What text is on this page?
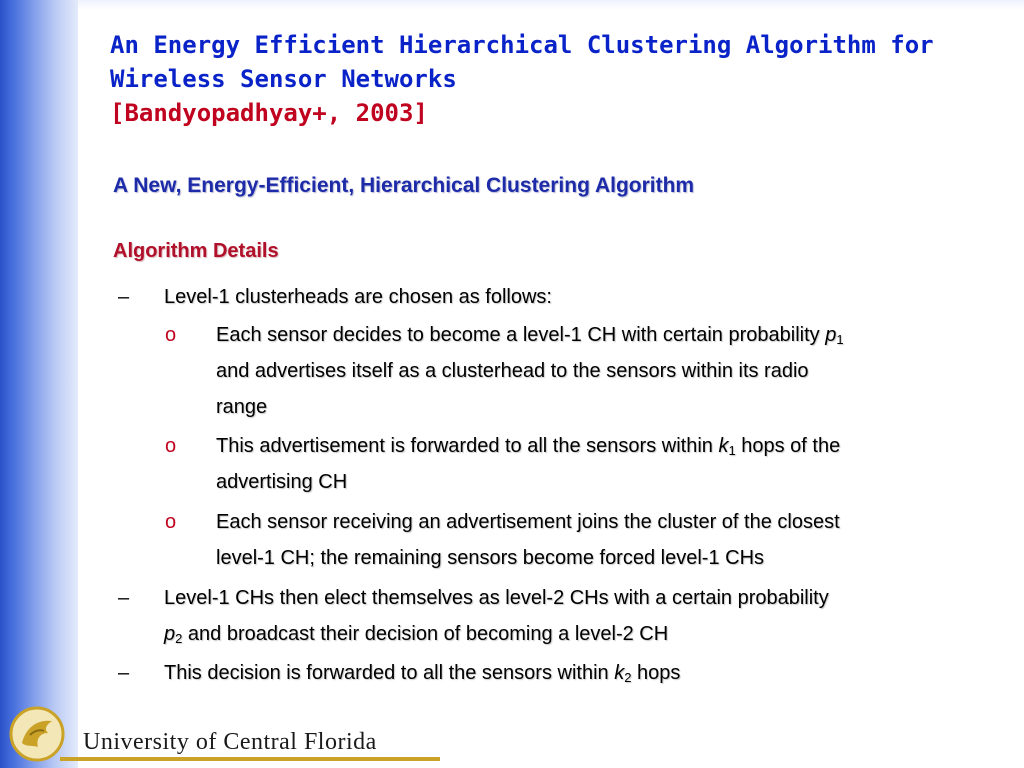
An Energy Efficient Hierarchical Clustering Algorithm for
Wireless Sensor Networks
[Bandyopadhyay+, 2003]
A New, Energy-Efficient, Hierarchical Clustering Algorithm
Algorithm Details
– Level-1 clusterheads are chosen as follows:
o Each sensor decides to become a level-1 CH with certain probability $p_1$
and advertises itself as a clusterhead to the sensors within its radio
range
o This advertisement is forwarded to all the sensors within $k_1$ hops of the
advertising CH
o Each sensor receiving an advertisement joins the cluster of the closest
level-1 CH; the remaining sensors become forced level-1 CHs
– Level-1 CHs then elect themselves as level-2 CHs with a certain probability
$p_2$ and broadcast their decision of becoming a level-2 CH
– This decision is forwarded to all the sensors within $k_2$ hops
University of Central Florida
